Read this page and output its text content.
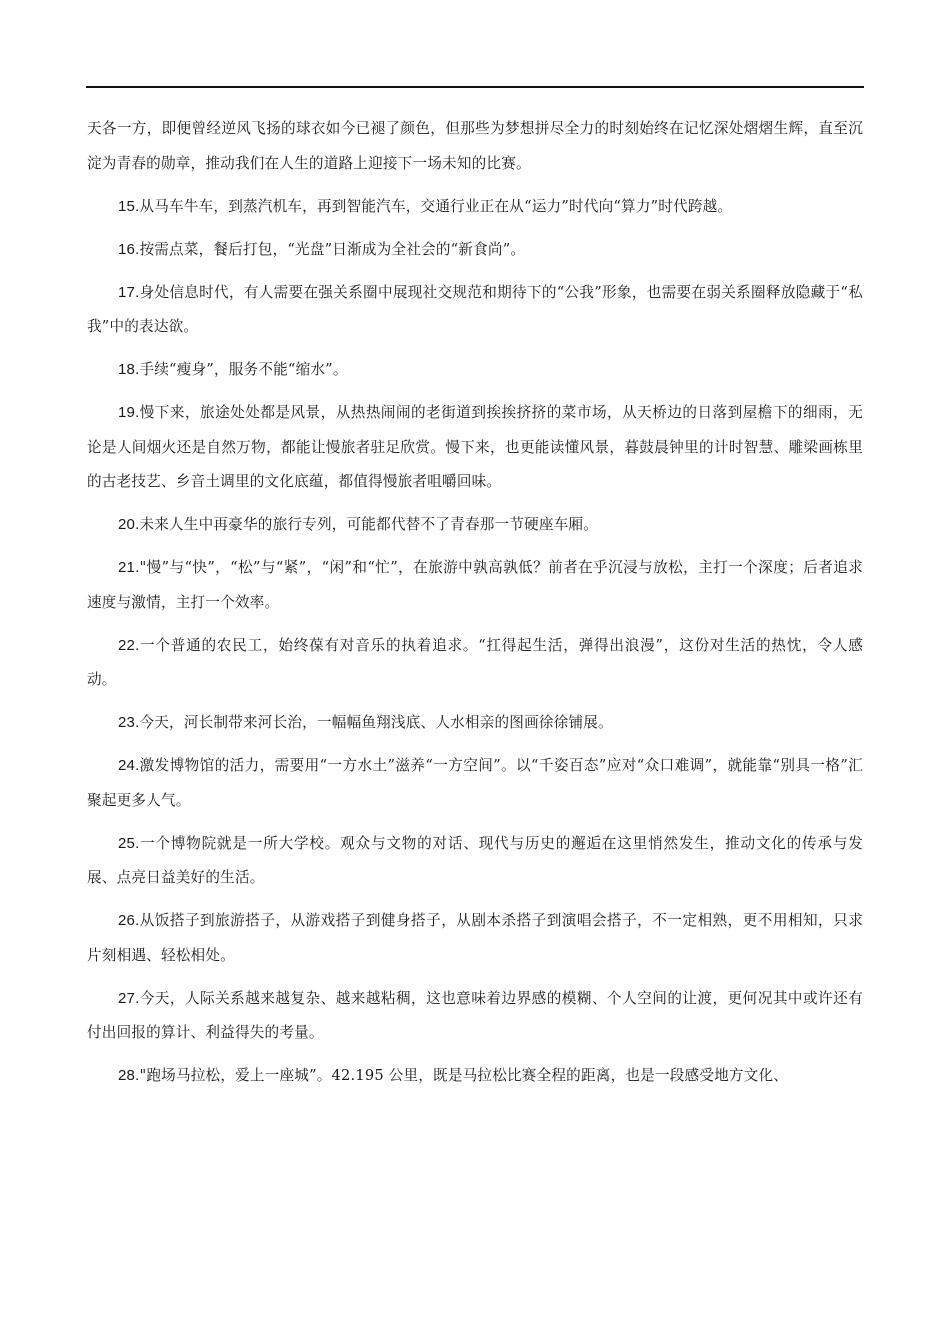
天各一方，即便曾经逆风飞扬的球衣如今已褪了颜色，但那些为梦想拼尽全力的时刻始终在记忆深处熠熠生辉，直至沉淀为青春的勋章，推动我们在人生的道路上迎接下一场未知的比赛。

15.从马车牛车，到蒸汽机车，再到智能汽车，交通行业正在从“运力”时代向“算力”时代跨越。

16.按需点菜，餐后打包，“光盘”日渐成为全社会的“新食尚”。

17.身处信息时代，有人需要在强关系圈中展现社交规范和期待下的“公我”形象，也需要在弱关系圈释放隐藏于“私我”中的表达欲。

18.手续“瘦身”，服务不能“缩水”。

19.慢下来，旅途处处都是风景，从热热闹闹的老街道到挨挨挤挤的菜市场，从天桥边的日落到屋檐下的细雨，无论是人间烟火还是自然万物，都能让慢旅者驻足欣赏。慢下来，也更能读懂风景，暮鼓晨钟里的计时智慧、雕梁画栋里的古老技艺、乡音土调里的文化底蕴，都值得慢旅者咀嚼回味。

20.未来人生中再豪华的旅行专列，可能都代替不了青春那一节硬座车厢。

21."慢”与“快”，“松”与“紧”，“闲”和“忙”，在旅游中孰高孰低？前者在乎沉浸与放松，主打一个深度；后者追求速度与激情，主打一个效率。

22.一个普通的农民工，始终葆有对音乐的执着追求。“扛得起生活，弹得出浪漫”，这份对生活的热忱，令人感动。

23.今天，河长制带来河长治，一幅幅鱼翔浅底、人水相亲的图画徐徐铺展。

24.激发博物馆的活力，需要用“一方水土”滋养“一方空间”。以“千姿百态”应对“众口难调”，就能靠“别具一格”汇聚起更多人气。

25.一个博物院就是一所大学校。观众与文物的对话、现代与历史的邂逅在这里悄然发生，推动文化的传承与发展、点亮日益美好的生活。

26.从饭搭子到旅游搭子，从游戏搭子到健身搭子，从剧本杀搭子到演唱会搭子，不一定相熟，更不用相知，只求片刻相遇、轻松相处。

27.今天，人际关系越来越复杂、越来越粘稠，这也意味着边界感的模糊、个人空间的让渡，更何况其中或许还有付出回报的算计、利益得失的考量。

28."跑场马拉松，爱上一座城”。42.195 公里，既是马拉松比赛全程的距离，也是一段感受地方文化、
